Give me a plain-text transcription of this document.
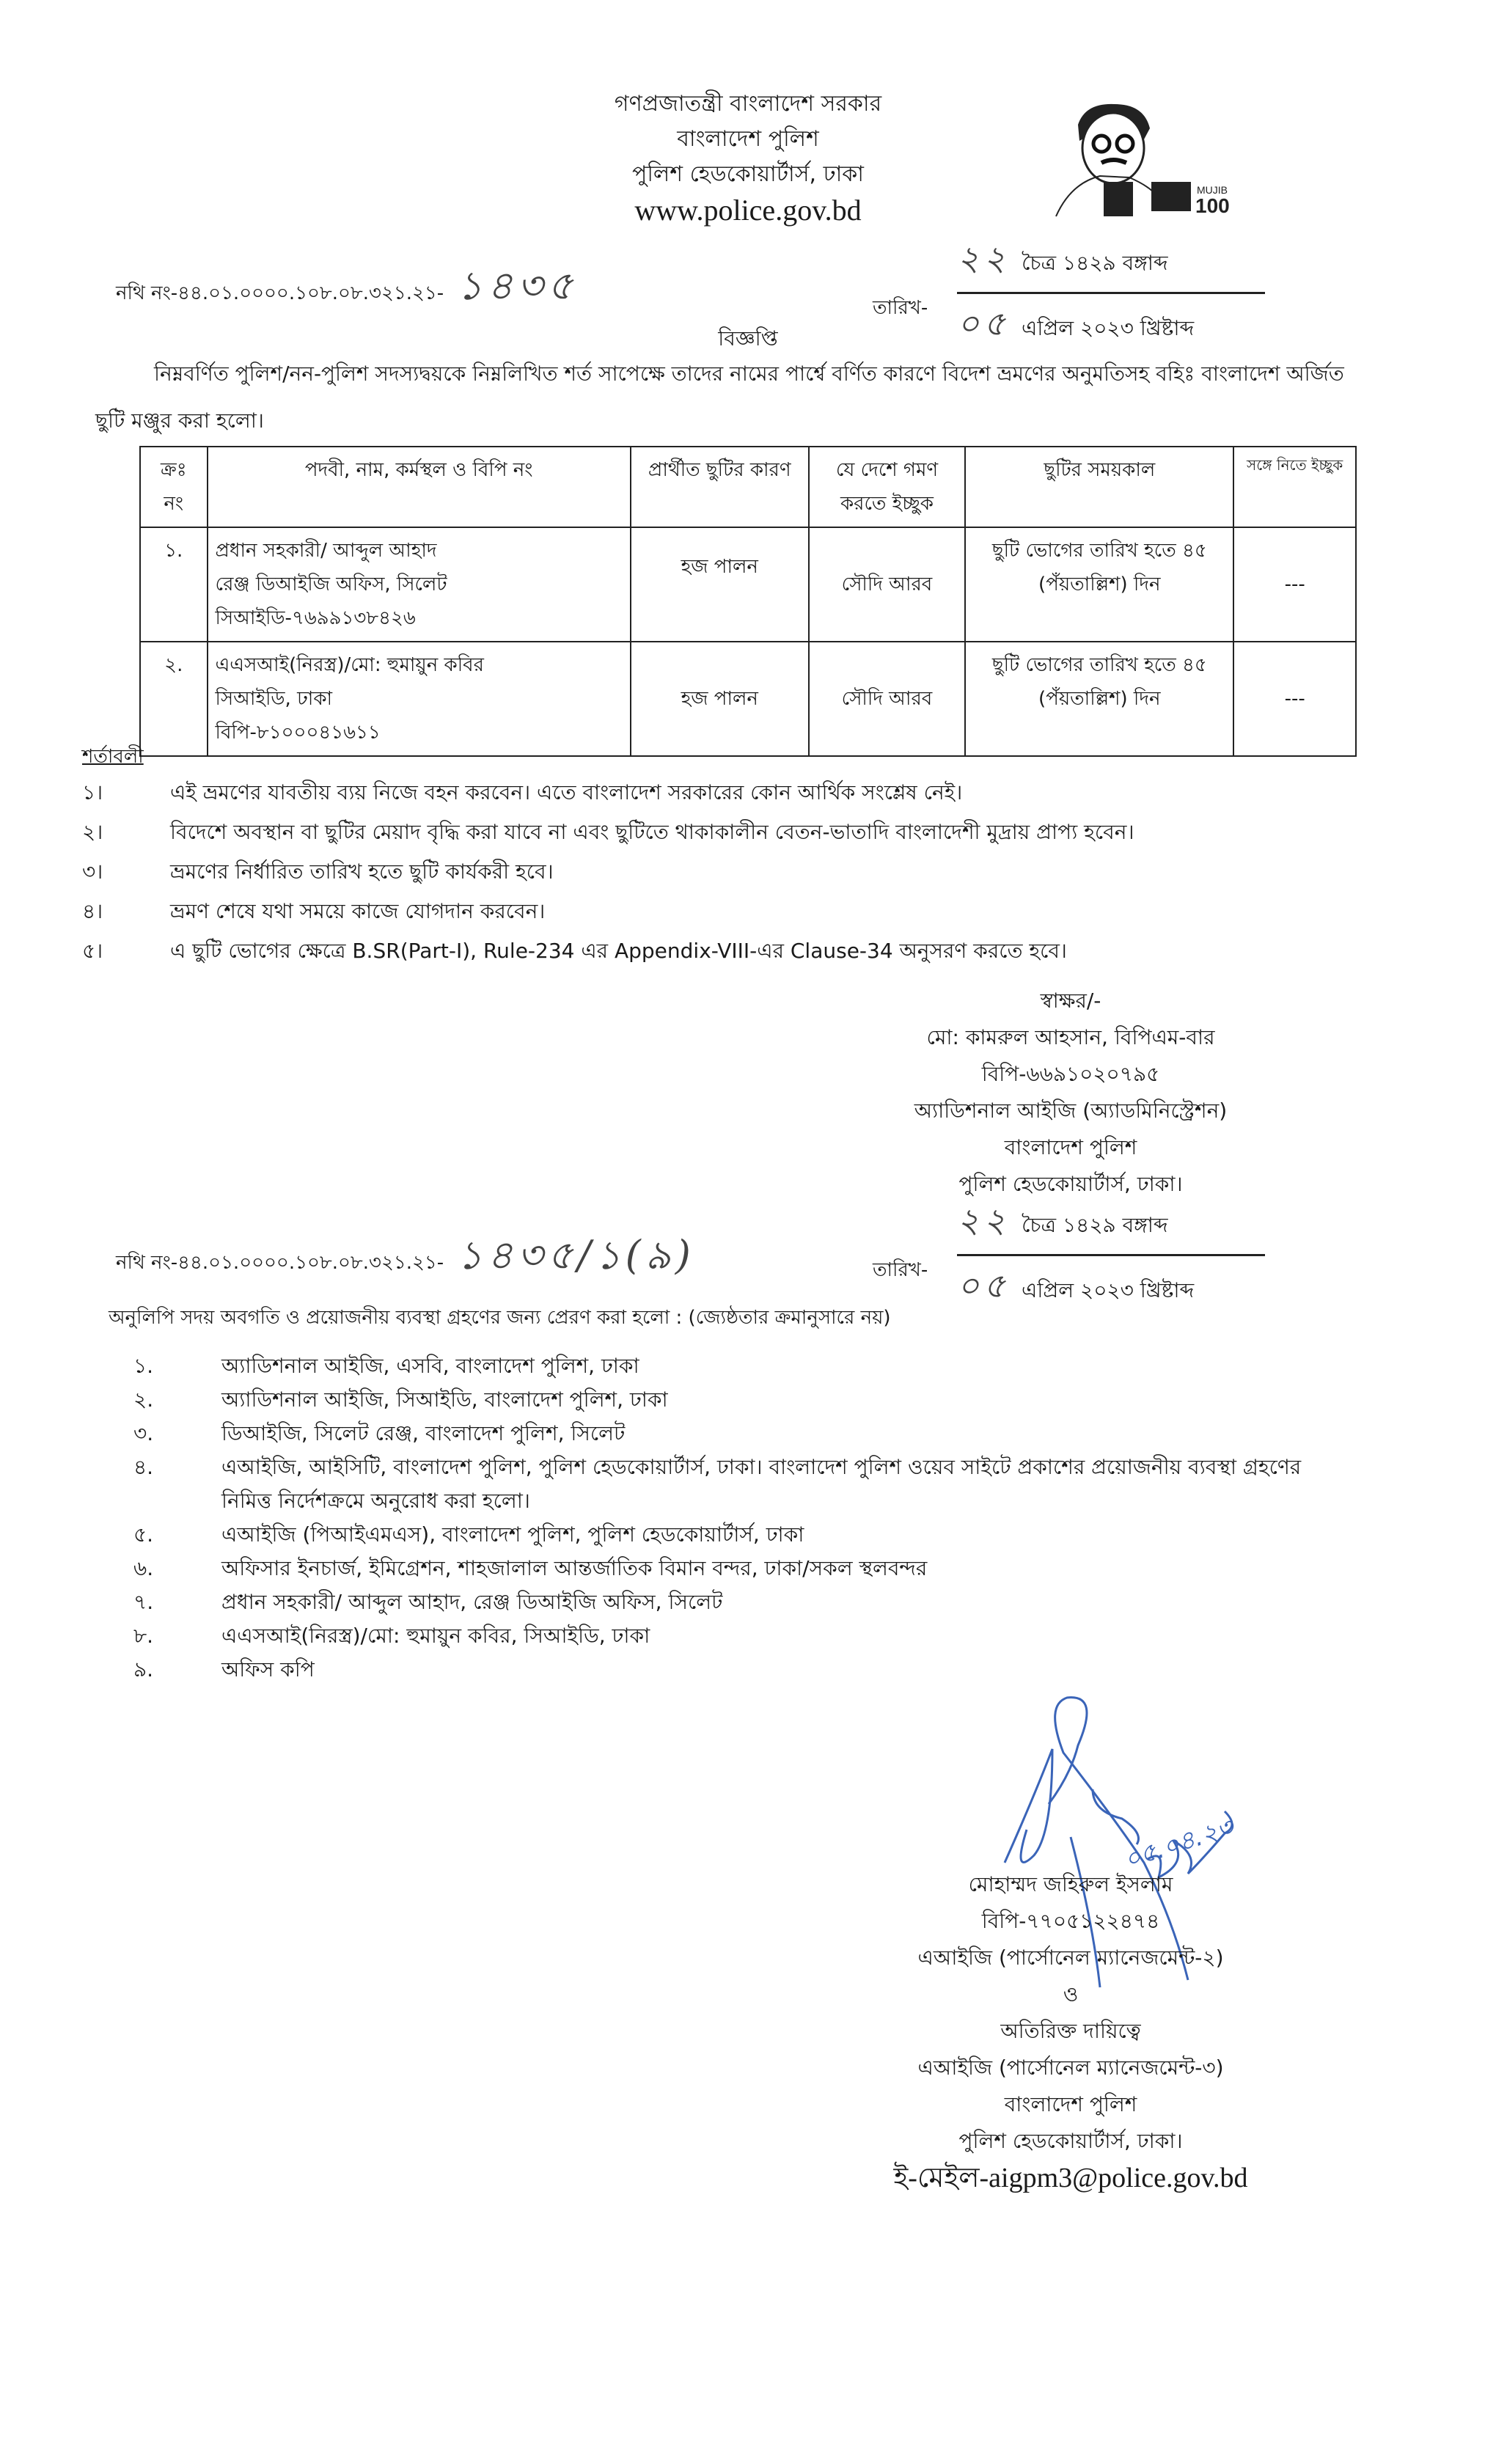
গণপ্রজাতন্ত্রী বাংলাদেশ সরকার
বাংলাদেশ পুলিশ
পুলিশ হেডকোয়ার্টার্স, ঢাকা
www.police.gov.bd
MUJIB
100
নথি নং-৪৪.০১.০০০০.১০৮.০৮.৩২১.২১- ১৪৩৫	তারিখ-
২২ চৈত্র ১৪২৯ বঙ্গাব্দ
০৫ এপ্রিল ২০২৩ খ্রিষ্টাব্দ
বিজ্ঞপ্তি
নিম্নবর্ণিত পুলিশ/নন-পুলিশ সদস্যদ্বয়কে নিম্নলিখিত শর্ত সাপেক্ষে তাদের নামের পার্শ্বে বর্ণিত কারণে বিদেশ ভ্রমণের অনুমতিসহ বহিঃ বাংলাদেশ অর্জিত ছুটি মঞ্জুর করা হলো।
ক্রঃ নং	পদবী, নাম, কর্মস্থল ও বিপি নং	প্রার্থীত ছুটির কারণ	যে দেশে গমণ করতে ইচ্ছুক	ছুটির সময়কাল	সঙ্গে নিতে ইচ্ছুক
১.	প্রধান সহকারী/ আব্দুল আহাদ
রেঞ্জ ডিআইজি অফিস, সিলেট
সিআইডি-৭৬৯৯১৩৮৪২৬	হজ পালন	সৌদি আরব	ছুটি ভোগের তারিখ হতে ৪৫ (পঁয়তাল্লিশ) দিন	---
২.	এএসআই(নিরস্ত্র)/মো: হুমায়ুন কবির
সিআইডি, ঢাকা
বিপি-৮১০০০৪১৬১১	হজ পালন	সৌদি আরব	ছুটি ভোগের তারিখ হতে ৪৫ (পঁয়তাল্লিশ) দিন	---
শর্তাবলী
১।	এই ভ্রমণের যাবতীয় ব্যয় নিজে বহন করবেন। এতে বাংলাদেশ সরকারের কোন আর্থিক সংশ্লেষ নেই।
২।	বিদেশে অবস্থান বা ছুটির মেয়াদ বৃদ্ধি করা যাবে না এবং ছুটিতে থাকাকালীন বেতন-ভাতাদি বাংলাদেশী মুদ্রায় প্রাপ্য হবেন।
৩।	ভ্রমণের নির্ধারিত তারিখ হতে ছুটি কার্যকরী হবে।
৪।	ভ্রমণ শেষে যথা সময়ে কাজে যোগদান করবেন।
৫।	এ ছুটি ভোগের ক্ষেত্রে B.SR(Part-I), Rule-234 এর Appendix-VIII-এর Clause-34 অনুসরণ করতে হবে।
স্বাক্ষর/-
মো: কামরুল আহসান, বিপিএম-বার
বিপি-৬৬৯১০২০৭৯৫
অ্যাডিশনাল আইজি (অ্যাডমিনিস্ট্রেশন)
বাংলাদেশ পুলিশ
পুলিশ হেডকোয়ার্টার্স, ঢাকা।
নথি নং-৪৪.০১.০০০০.১০৮.০৮.৩২১.২১- ১৪৩৫/১(৯)	তারিখ-
২২ চৈত্র ১৪২৯ বঙ্গাব্দ
০৫ এপ্রিল ২০২৩ খ্রিষ্টাব্দ
অনুলিপি সদয় অবগতি ও প্রয়োজনীয় ব্যবস্থা গ্রহণের জন্য প্রেরণ করা হলো : (জ্যেষ্ঠতার ক্রমানুসারে নয়)
১.	অ্যাডিশনাল আইজি, এসবি, বাংলাদেশ পুলিশ, ঢাকা
২.	অ্যাডিশনাল আইজি, সিআইডি, বাংলাদেশ পুলিশ, ঢাকা
৩.	ডিআইজি, সিলেট রেঞ্জ, বাংলাদেশ পুলিশ, সিলেট
৪.	এআইজি, আইসিটি, বাংলাদেশ পুলিশ, পুলিশ হেডকোয়ার্টার্স, ঢাকা। বাংলাদেশ পুলিশ ওয়েব সাইটে প্রকাশের প্রয়োজনীয় ব্যবস্থা গ্রহণের নিমিত্ত নির্দেশক্রমে অনুরোধ করা হলো।
৫.	এআইজি (পিআইএমএস), বাংলাদেশ পুলিশ, পুলিশ হেডকোয়ার্টার্স, ঢাকা
৬.	অফিসার ইনচার্জ, ইমিগ্রেশন, শাহজালাল আন্তর্জাতিক বিমান বন্দর, ঢাকা/সকল স্থলবন্দর
৭.	প্রধান সহকারী/ আব্দুল আহাদ, রেঞ্জ ডিআইজি অফিস, সিলেট
৮.	এএসআই(নিরস্ত্র)/মো: হুমায়ুন কবির, সিআইডি, ঢাকা
৯.	অফিস কপি
০৫.০৪.২৩
মোহাম্মদ জহিরুল ইসলাম
বিপি-৭৭০৫১২২৪৭৪
এআইজি (পার্সোনেল ম্যানেজমেন্ট-২)
ও
অতিরিক্ত দায়িত্বে
এআইজি (পার্সোনেল ম্যানেজমেন্ট-৩)
বাংলাদেশ পুলিশ
পুলিশ হেডকোয়ার্টার্স, ঢাকা।
ই-মেইল-aigpm3@police.gov.bd
